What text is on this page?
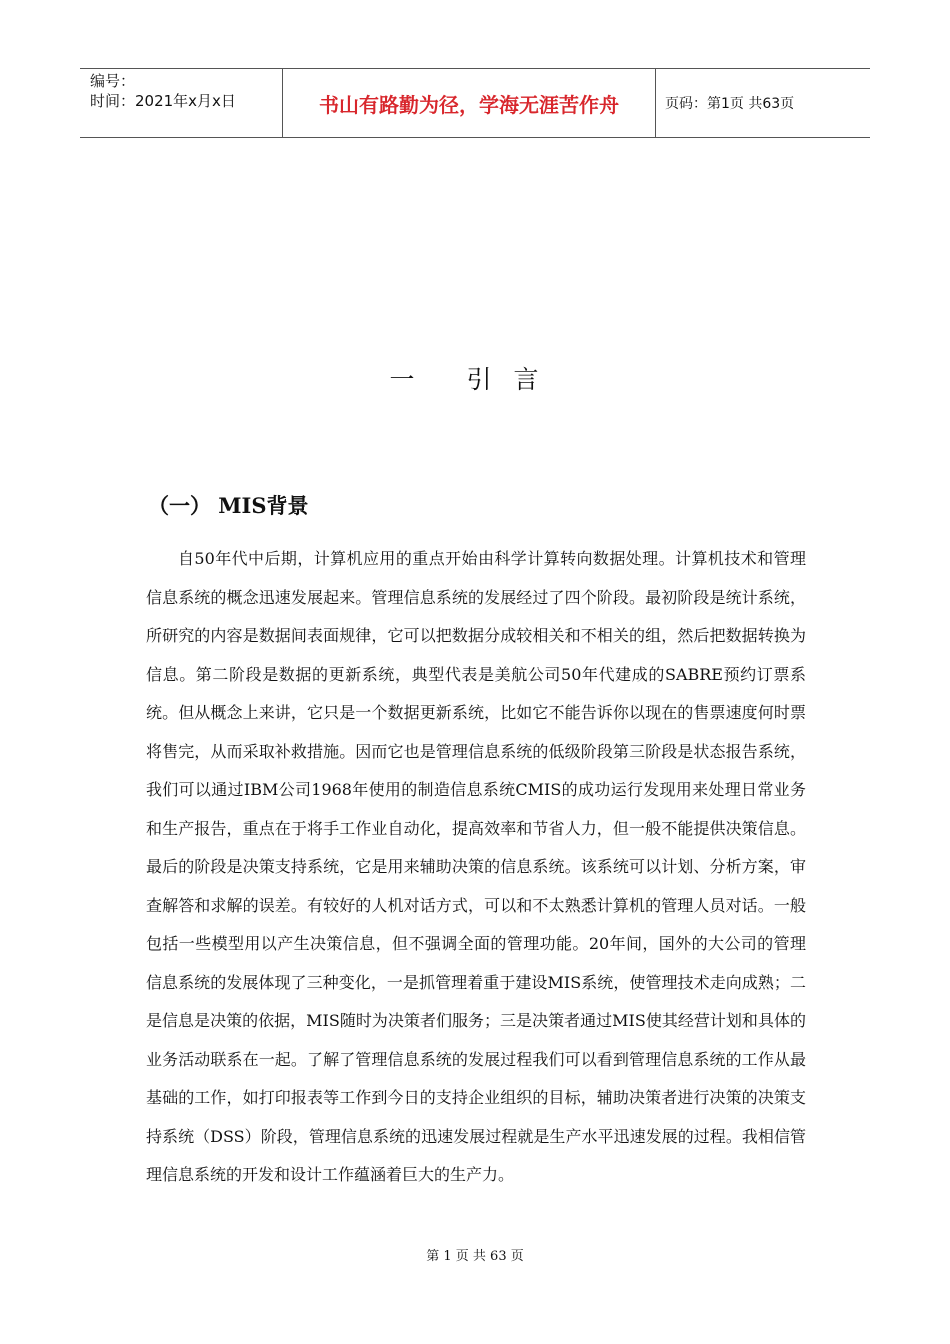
编号：
时间：2021年x月x日	书山有路勤为径，学海无涯苦作舟	页码：第1页 共63页
一 引言
（一） MIS背景

自50年代中后期，计算机应用的重点开始由科学计算转向数据处理。计算机技术和管理信息系统的概念迅速发展起来。管理信息系统的发展经过了四个阶段。最初阶段是统计系统，所研究的内容是数据间表面规律，它可以把数据分成较相关和不相关的组，然后把数据转换为信息。第二阶段是数据的更新系统，典型代表是美航公司50年代建成的SABRE预约订票系统。但从概念上来讲，它只是一个数据更新系统，比如它不能告诉你以现在的售票速度何时票将售完，从而采取补救措施。因而它也是管理信息系统的低级阶段第三阶段是状态报告系统，我们可以通过IBM公司1968年使用的制造信息系统CMIS的成功运行发现用来处理日常业务和生产报告，重点在于将手工作业自动化，提高效率和节省人力，但一般不能提供决策信息。最后的阶段是决策支持系统，它是用来辅助决策的信息系统。该系统可以计划、分析方案，审查解答和求解的误差。有较好的人机对话方式，可以和不太熟悉计算机的管理人员对话。一般包括一些模型用以产生决策信息，但不强调全面的管理功能。20年间，国外的大公司的管理信息系统的发展体现了三种变化，一是抓管理着重于建设MIS系统，使管理技术走向成熟；二是信息是决策的依据，MIS随时为决策者们服务；三是决策者通过MIS使其经营计划和具体的业务活动联系在一起。了解了管理信息系统的发展过程我们可以看到管理信息系统的工作从最基础的工作，如打印报表等工作到今日的支持企业组织的目标，辅助决策者进行决策的决策支持系统（DSS）阶段，管理信息系统的迅速发展过程就是生产水平迅速发展的过程。我相信管理信息系统的开发和设计工作蕴涵着巨大的生产力。

第 1 页 共 63 页
